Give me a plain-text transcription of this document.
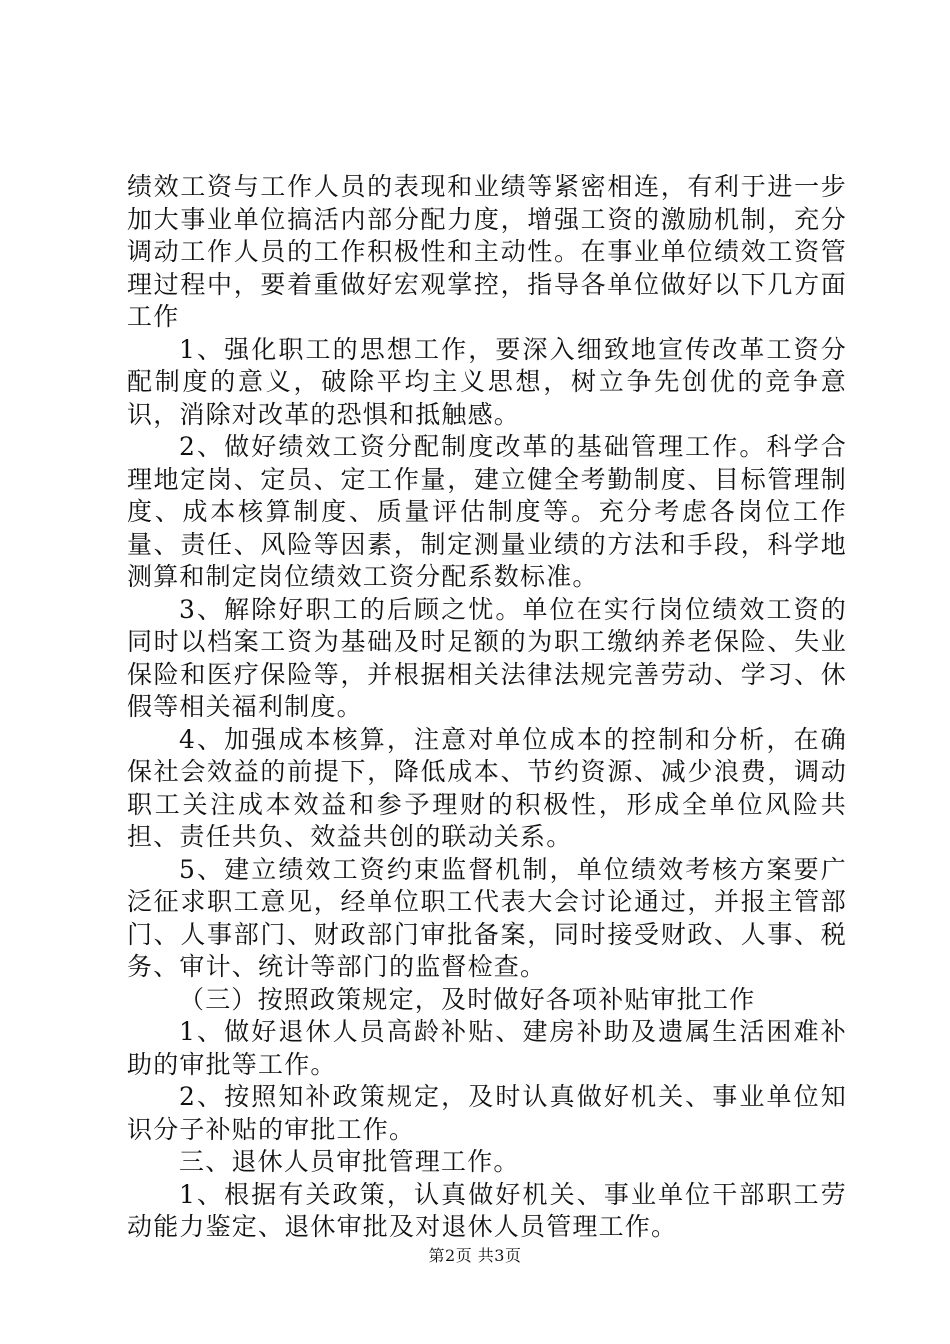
绩效工资与工作人员的表现和业绩等紧密相连，有利于进一步加大事业单位搞活内部分配力度，增强工资的激励机制，充分调动工作人员的工作积极性和主动性。在事业单位绩效工资管理过程中，要着重做好宏观掌控，指导各单位做好以下几方面工作

1、强化职工的思想工作，要深入细致地宣传改革工资分配制度的意义，破除平均主义思想，树立争先创优的竞争意识，消除对改革的恐惧和抵触感。

2、做好绩效工资分配制度改革的基础管理工作。科学合理地定岗、定员、定工作量，建立健全考勤制度、目标管理制度、成本核算制度、质量评估制度等。充分考虑各岗位工作量、责任、风险等因素，制定测量业绩的方法和手段，科学地测算和制定岗位绩效工资分配系数标准。

3、解除好职工的后顾之忧。单位在实行岗位绩效工资的同时以档案工资为基础及时足额的为职工缴纳养老保险、失业保险和医疗保险等，并根据相关法律法规完善劳动、学习、休假等相关福利制度。

4、加强成本核算，注意对单位成本的控制和分析，在确保社会效益的前提下，降低成本、节约资源、减少浪费，调动职工关注成本效益和参予理财的积极性，形成全单位风险共担、责任共负、效益共创的联动关系。

5、建立绩效工资约束监督机制，单位绩效考核方案要广泛征求职工意见，经单位职工代表大会讨论通过，并报主管部门、人事部门、财政部门审批备案，同时接受财政、人事、税务、审计、统计等部门的监督检查。

（三）按照政策规定，及时做好各项补贴审批工作

1、做好退休人员高龄补贴、建房补助及遗属生活困难补助的审批等工作。

2、按照知补政策规定，及时认真做好机关、事业单位知识分子补贴的审批工作。

三、退休人员审批管理工作。

1、根据有关政策，认真做好机关、事业单位干部职工劳动能力鉴定、退休审批及对退休人员管理工作。

第2页 共3页
